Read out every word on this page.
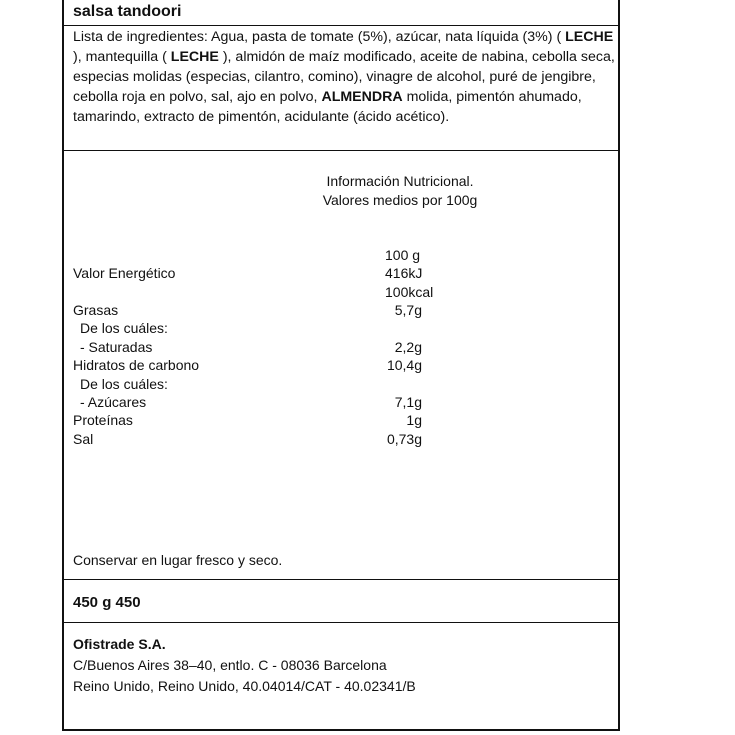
salsa tandoori

Lista de ingredientes: Agua, pasta de tomate (5%), azúcar, nata líquida (3%) ( LECHE ), mantequilla ( LECHE ), almidón de maíz modificado, aceite de nabina, cebolla seca, especias molidas (especias, cilantro, comino), vinagre de alcohol, puré de jengibre, cebolla roja en polvo, sal, ajo en polvo, ALMENDRA molida, pimentón ahumado, tamarindo, extracto de pimentón, acidulante (ácido acético).

Información Nutricional.
Valores medios por 100g
100 g
Valor Energético	416kJ
100kcal
Grasas	5,7g
De los cuáles:
- Saturadas	2,2g
Hidratos de carbono	10,4g
De los cuáles:
- Azúcares	7,1g
Proteínas	1g
Sal	0,73g
Conservar en lugar fresco y seco.
450 g 450
Ofistrade S.A.
C/Buenos Aires 38–40, entlo. C - 08036 Barcelona
Reino Unido, Reino Unido, 40.04014/CAT - 40.02341/B
